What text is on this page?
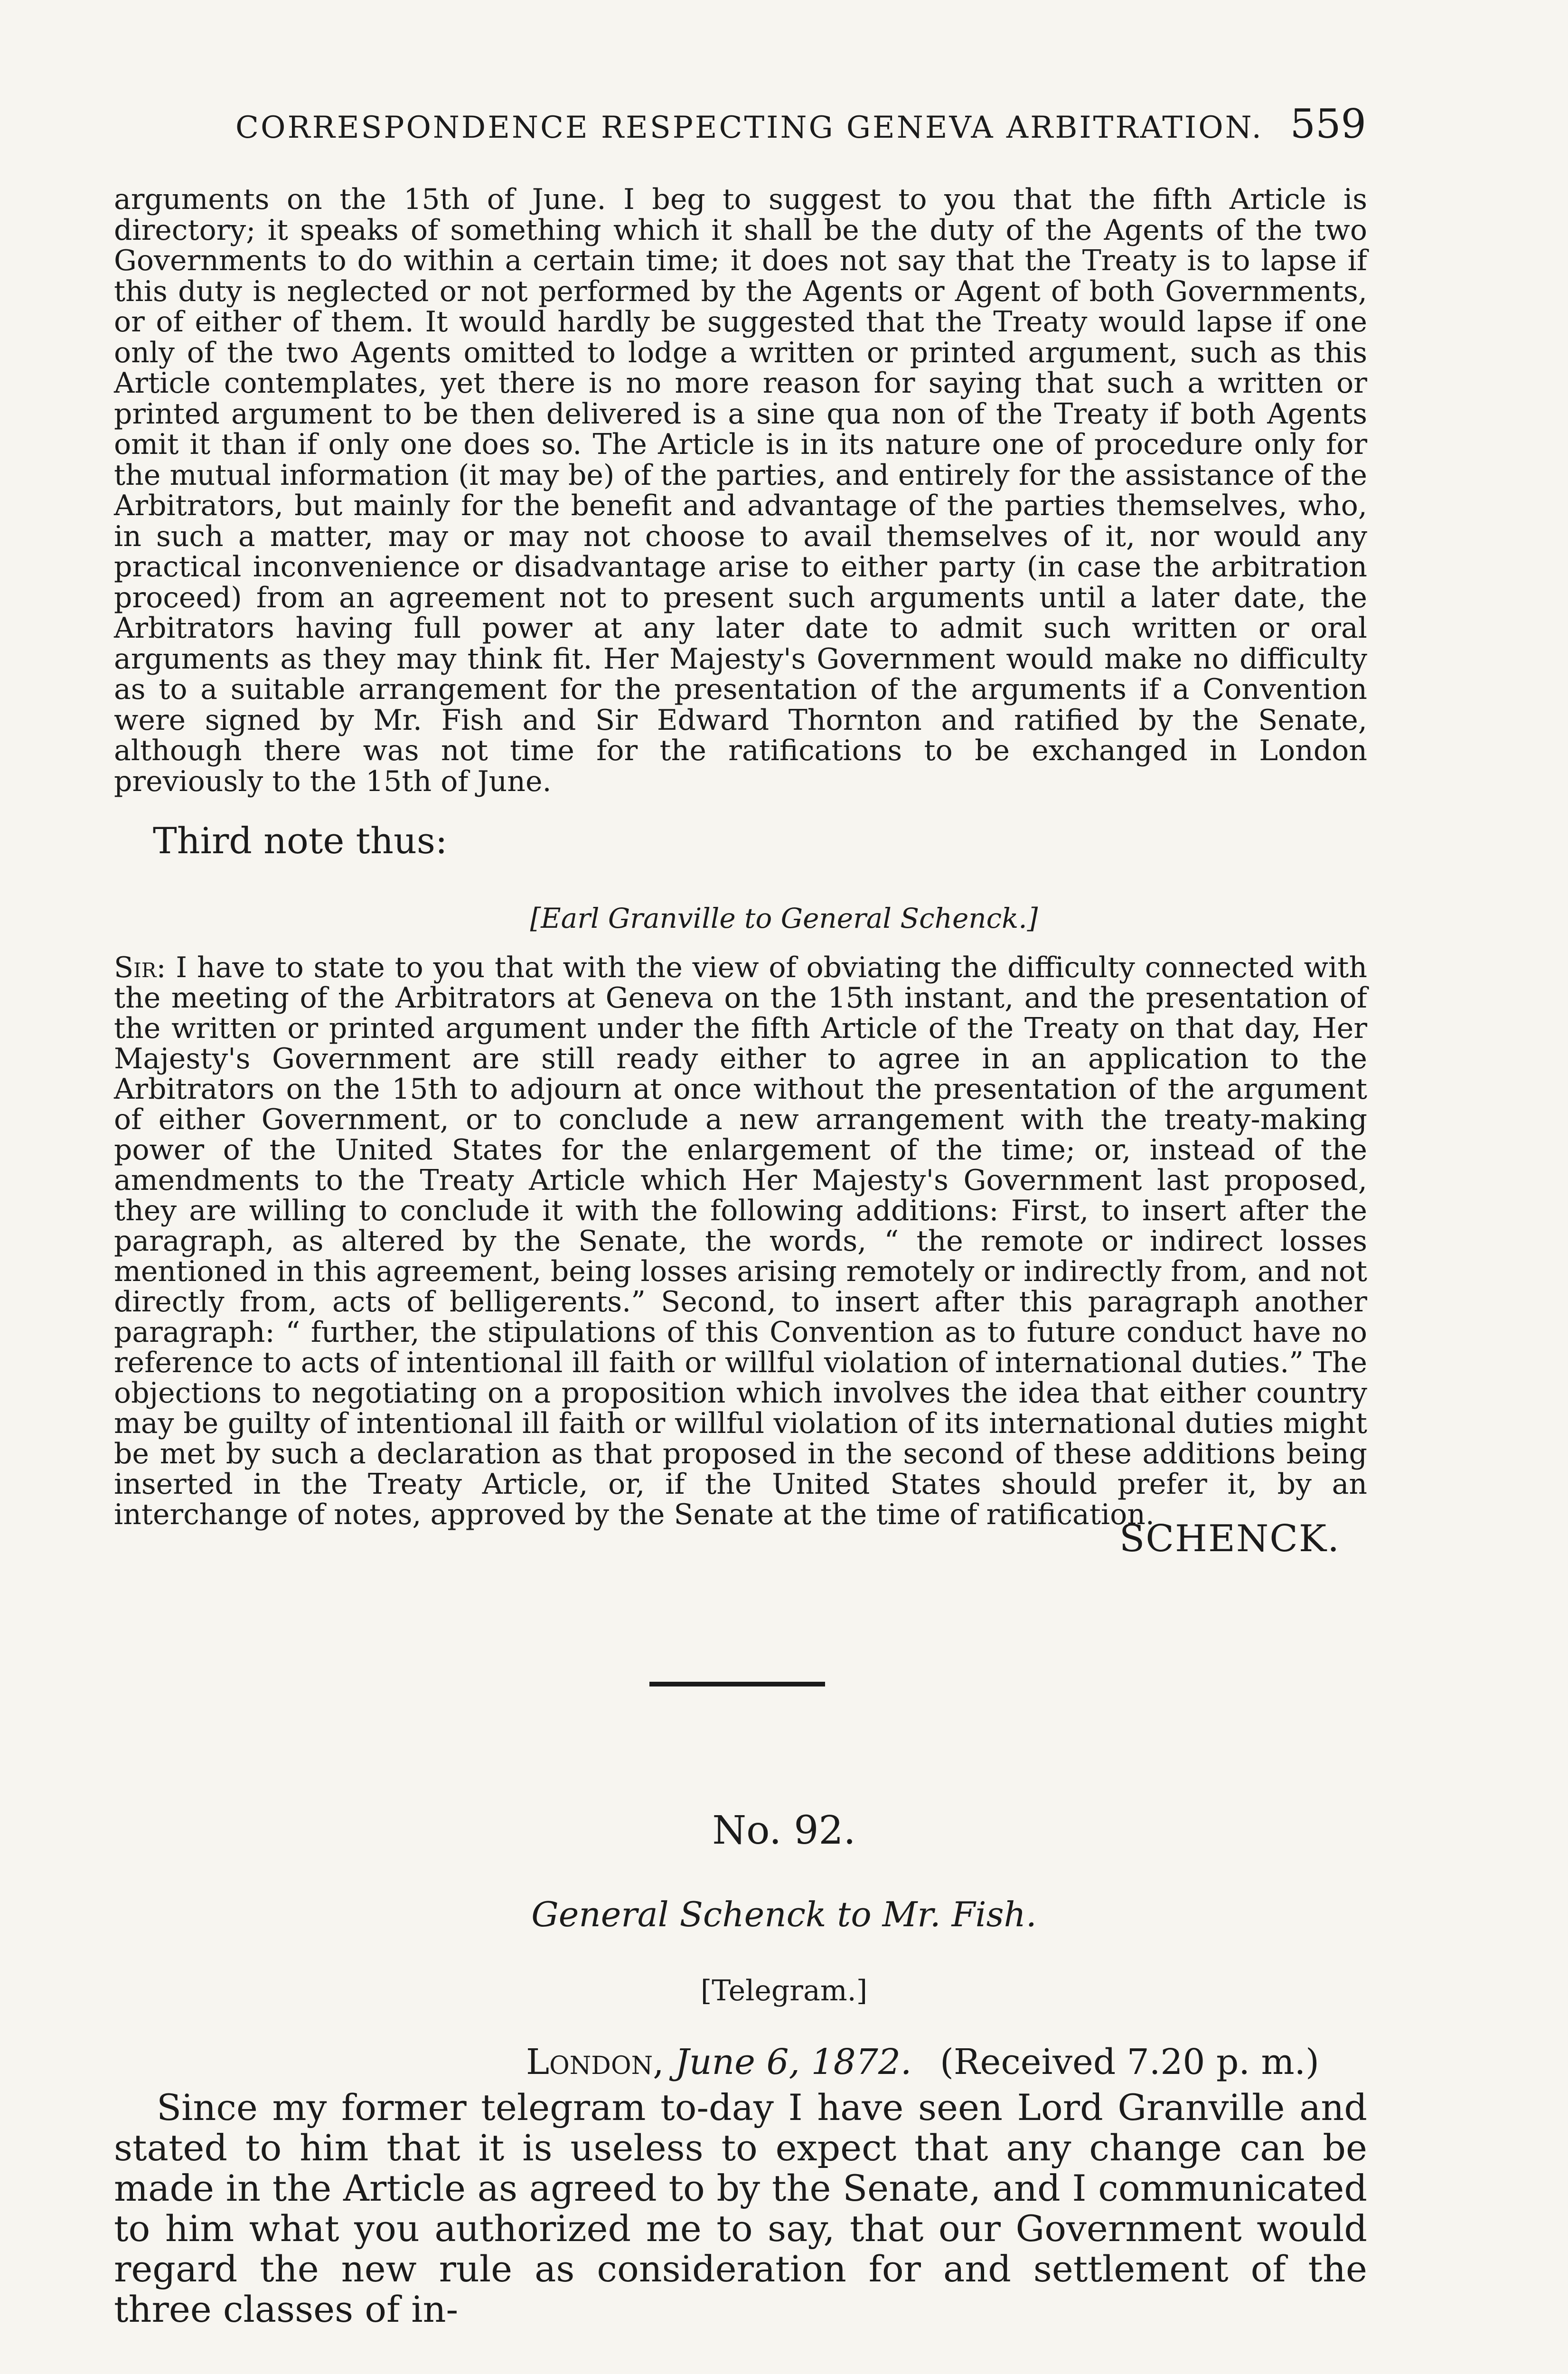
CORRESPONDENCE RESPECTING GENEVA ARBITRATION. 559

arguments on the 15th of June. I beg to suggest to you that the fifth Article is directory; it speaks of something which it shall be the duty of the Agents of the two Governments to do within a certain time; it does not say that the Treaty is to lapse if this duty is neglected or not performed by the Agents or Agent of both Governments, or of either of them. It would hardly be suggested that the Treaty would lapse if one only of the two Agents omitted to lodge a written or printed argument, such as this Article contemplates, yet there is no more reason for saying that such a written or printed argument to be then delivered is a sine qua non of the Treaty if both Agents omit it than if only one does so. The Article is in its nature one of procedure only for the mutual information (it may be) of the parties, and entirely for the assistance of the Arbitrators, but mainly for the benefit and advantage of the parties themselves, who, in such a matter, may or may not choose to avail themselves of it, nor would any practical inconvenience or disadvantage arise to either party (in case the arbitration proceed) from an agreement not to present such arguments until a later date, the Arbitrators having full power at any later date to admit such written or oral arguments as they may think fit. Her Majesty's Government would make no difficulty as to a suitable arrangement for the presentation of the arguments if a Convention were signed by Mr. Fish and Sir Edward Thornton and ratified by the Senate, although there was not time for the ratifications to be exchanged in London previously to the 15th of June.

Third note thus:
[Earl Granville to General Schenck.]

Sir: I have to state to you that with the view of obviating the difficulty connected with the meeting of the Arbitrators at Geneva on the 15th instant, and the presentation of the written or printed argument under the fifth Article of the Treaty on that day, Her Majesty's Government are still ready either to agree in an application to the Arbitrators on the 15th to adjourn at once without the presentation of the argument of either Government, or to conclude a new arrangement with the treaty-making power of the United States for the enlargement of the time; or, instead of the amendments to the Treaty Article which Her Majesty's Government last proposed, they are willing to conclude it with the following additions: First, to insert after the paragraph, as altered by the Senate, the words, “ the remote or indirect losses mentioned in this agreement, being losses arising remotely or indirectly from, and not directly from, acts of belligerents.” Second, to insert after this paragraph another paragraph: “ further, the stipulations of this Convention as to future conduct have no reference to acts of intentional ill faith or willful violation of international duties.” The objections to negotiating on a proposition which involves the idea that either country may be guilty of intentional ill faith or willful violation of its international duties might be met by such a declaration as that proposed in the second of these additions being inserted in the Treaty Article, or, if the United States should prefer it, by an interchange of notes, approved by the Senate at the time of ratification.

SCHENCK.
No. 92.
General Schenck to Mr. Fish.
[Telegram.]
London, June 6, 1872. (Received 7.20 p. m.)

Since my former telegram to-day I have seen Lord Granville and stated to him that it is useless to expect that any change can be made in the Article as agreed to by the Senate, and I communicated to him what you authorized me to say, that our Government would regard the new rule as consideration for and settlement of the three classes of in-
